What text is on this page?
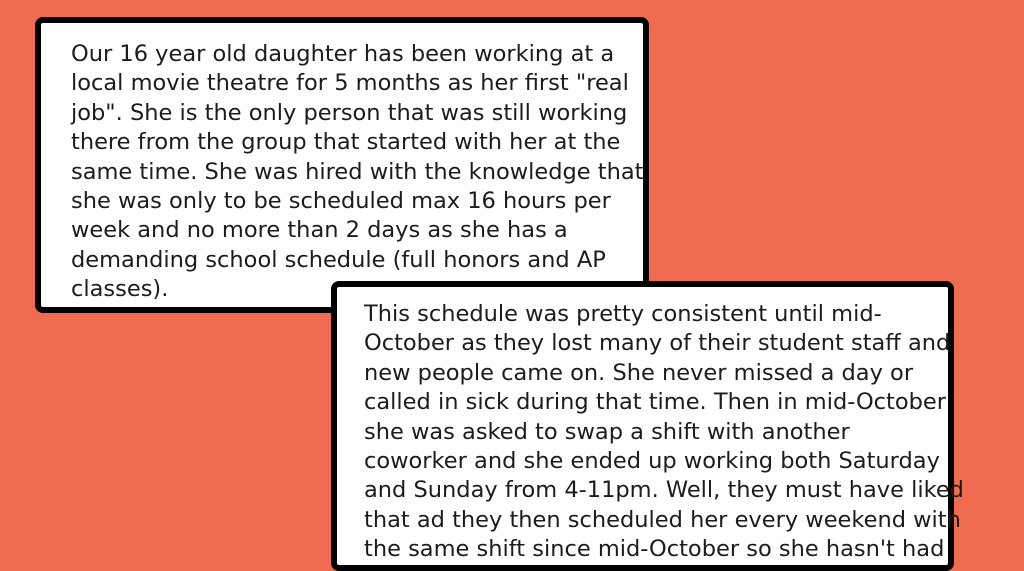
Our 16 year old daughter has been working at a
local movie theatre for 5 months as her first "real
job". She is the only person that was still working
there from the group that started with her at the
same time. She was hired with the knowledge that
she was only to be scheduled max 16 hours per
week and no more than 2 days as she has a
demanding school schedule (full honors and AP
classes).
This schedule was pretty consistent until mid-
October as they lost many of their student staff and
new people came on. She never missed a day or
called in sick during that time. Then in mid-October
she was asked to swap a shift with another
coworker and she ended up working both Saturday
and Sunday from 4-11pm. Well, they must have liked
that ad they then scheduled her every weekend with
the same shift since mid-October so she hasn't had
